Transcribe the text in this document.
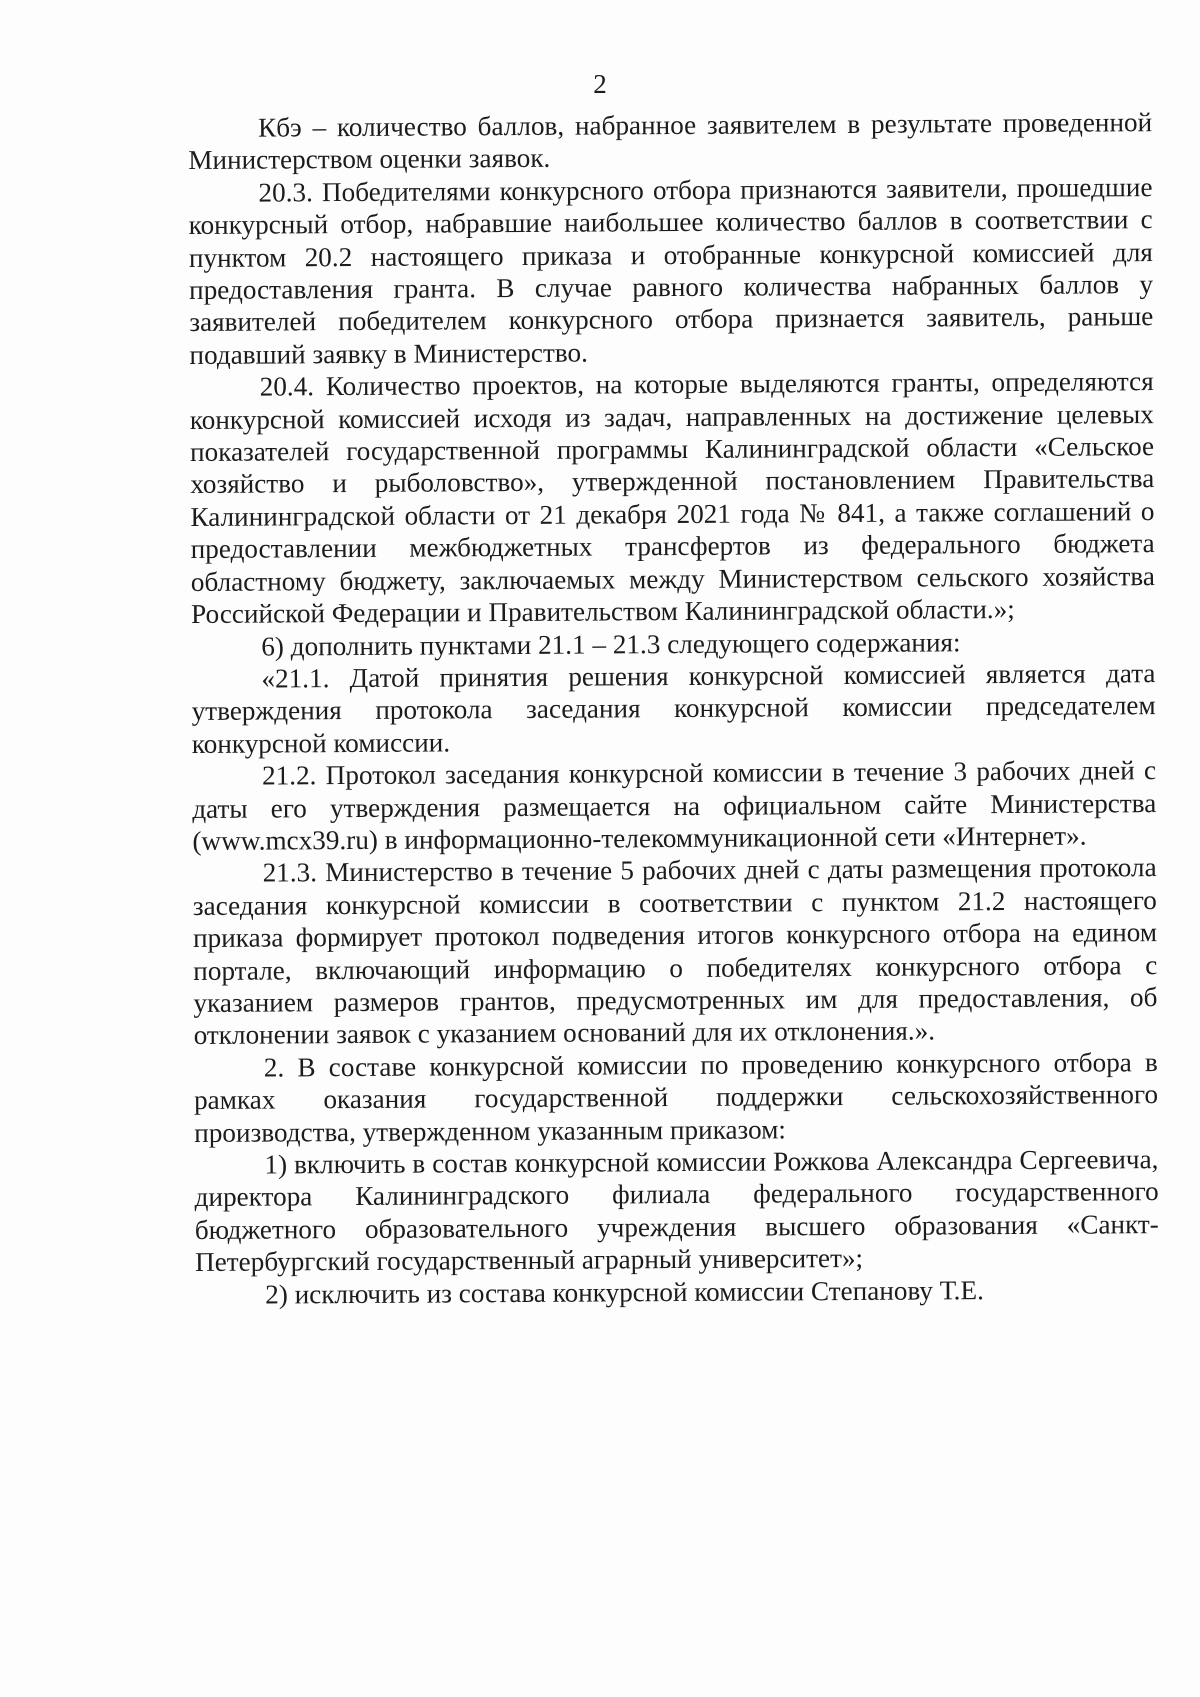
2

Кбэ – количество баллов, набранное заявителем в результате проведенной Министерством оценки заявок.

20.3. Победителями конкурсного отбора признаются заявители, прошедшие конкурсный отбор, набравшие наибольшее количество баллов в соответствии с пунктом 20.2 настоящего приказа и отобранные конкурсной комиссией для предоставления гранта. В случае равного количества набранных баллов у заявителей победителем конкурсного отбора признается заявитель, раньше подавший заявку в Министерство.

20.4. Количество проектов, на которые выделяются гранты, определяются конкурсной комиссией исходя из задач, направленных на достижение целевых показателей государственной программы Калининградской области «Сельское хозяйство и рыболовство», утвержденной постановлением Правительства Калининградской области от 21 декабря 2021 года № 841, а также соглашений о предоставлении межбюджетных трансфертов из федерального бюджета областному бюджету, заключаемых между Министерством сельского хозяйства Российской Федерации и Правительством Калининградской области.»;

6) дополнить пунктами 21.1 – 21.3 следующего содержания:

«21.1. Датой принятия решения конкурсной комиссией является дата утверждения протокола заседания конкурсной комиссии председателем конкурсной комиссии.

21.2. Протокол заседания конкурсной комиссии в течение 3 рабочих дней с даты его утверждения размещается на официальном сайте Министерства (www.mcx39.ru) в информационно-телекоммуникационной сети «Интернет».

21.3. Министерство в течение 5 рабочих дней с даты размещения протокола заседания конкурсной комиссии в соответствии с пунктом 21.2 настоящего приказа формирует протокол подведения итогов конкурсного отбора на едином портале, включающий информацию о победителях конкурсного отбора с указанием размеров грантов, предусмотренных им для предоставления, об отклонении заявок с указанием оснований для их отклонения.».

2. В составе конкурсной комиссии по проведению конкурсного отбора в рамках оказания государственной поддержки сельскохозяйственного производства, утвержденном указанным приказом:

1) включить в состав конкурсной комиссии Рожкова Александра Сергеевича, директора Калининградского филиала федерального государственного бюджетного образовательного учреждения высшего образования «Санкт-Петербургский государственный аграрный университет»;

2) исключить из состава конкурсной комиссии Степанову Т.Е.
